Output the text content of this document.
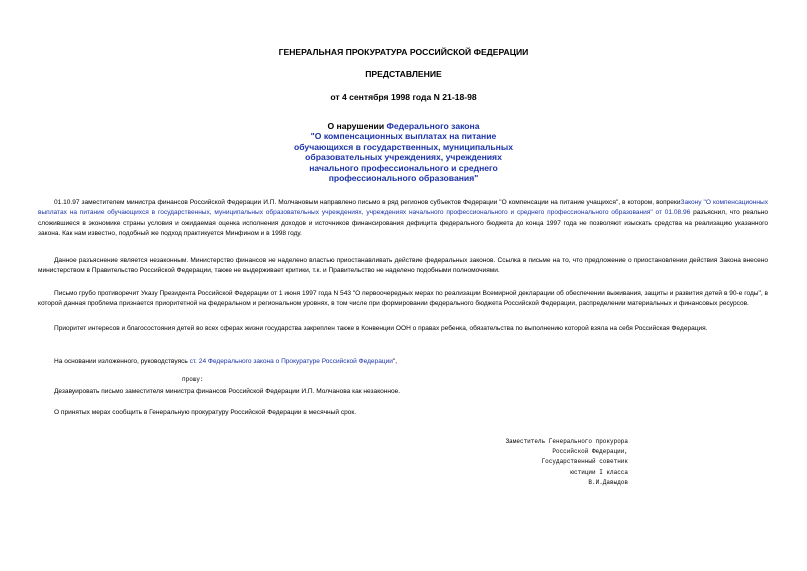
ГЕНЕРАЛЬНАЯ ПРОКУРАТУРА РОССИЙСКОЙ ФЕДЕРАЦИИ
ПРЕДСТАВЛЕНИЕ
от 4 сентября 1998 года N 21-18-98
О нарушении Федерального закона
"О компенсационных выплатах на питание
обучающихся в государственных, муниципальных
образовательных учреждениях, учреждениях
начального профессионального и среднего
профессионального образования"
01.10.97 заместителем министра финансов Российской Федерации И.П. Молчановым направлено письмо в ряд регионов субъектов Федерации "О компенсации на питание учащихся", в котором, вопрекиЗакону "О компенсационных выплатах на питание обучающихся в государственных, муниципальных образовательных учреждениях, учреждениях начального профессионального и среднего профессионального образования" от 01.08.96 разъяснил, что реально сложившиеся в экономике страны условия и ожидаемая оценка исполнения доходов и источников финансирования дефицита федерального бюджета до конца 1997 года не позволяют изыскать средства на реализацию указанного закона. Как нам известно, подобный же подход практикуется Минфином и в 1998 году.
Данное разъяснение является незаконным. Министерство финансов не наделено властью приостанавливать действие федеральных законов. Ссылка в письме на то, что предложение о приостановлении действия Закона внесено министерством в Правительство Российской Федерации, также не выдерживает критики, т.к. и Правительство не наделено подобными полномочиями.
Письмо грубо противоречит Указу Президента Российской Федерации от 1 июня 1997 года N 543 "О первоочередных мерах по реализации Всемирной декларации об обеспечении выживания, защиты и развития детей в 90-е годы", в которой данная проблема признается приоритетной на федеральном и региональном уровнях, в том числе при формировании федерального бюджета Российской Федерации, распределении материальных и финансовых ресурсов.
Приоритет интересов и благосостояния детей во всех сферах жизни государства закреплен также в Конвенции ООН о правах ребенка, обязательства по выполнению которой взяла на себя Российская Федерация.
На основании изложенного, руководствуясь ст. 24 Федерального закона о Прокуратуре Российской Федерации",
прошу:
Дезавуировать письмо заместителя министра финансов Российской Федерации И.П. Молчанова как незаконное.
О принятых мерах сообщить в Генеральную прокуратуру Российской Федерации в месячный срок.
Заместитель Генерального прокурора
Российской Федерации,
Государственный советник
юстиции I класса
В.И.Давыдов
